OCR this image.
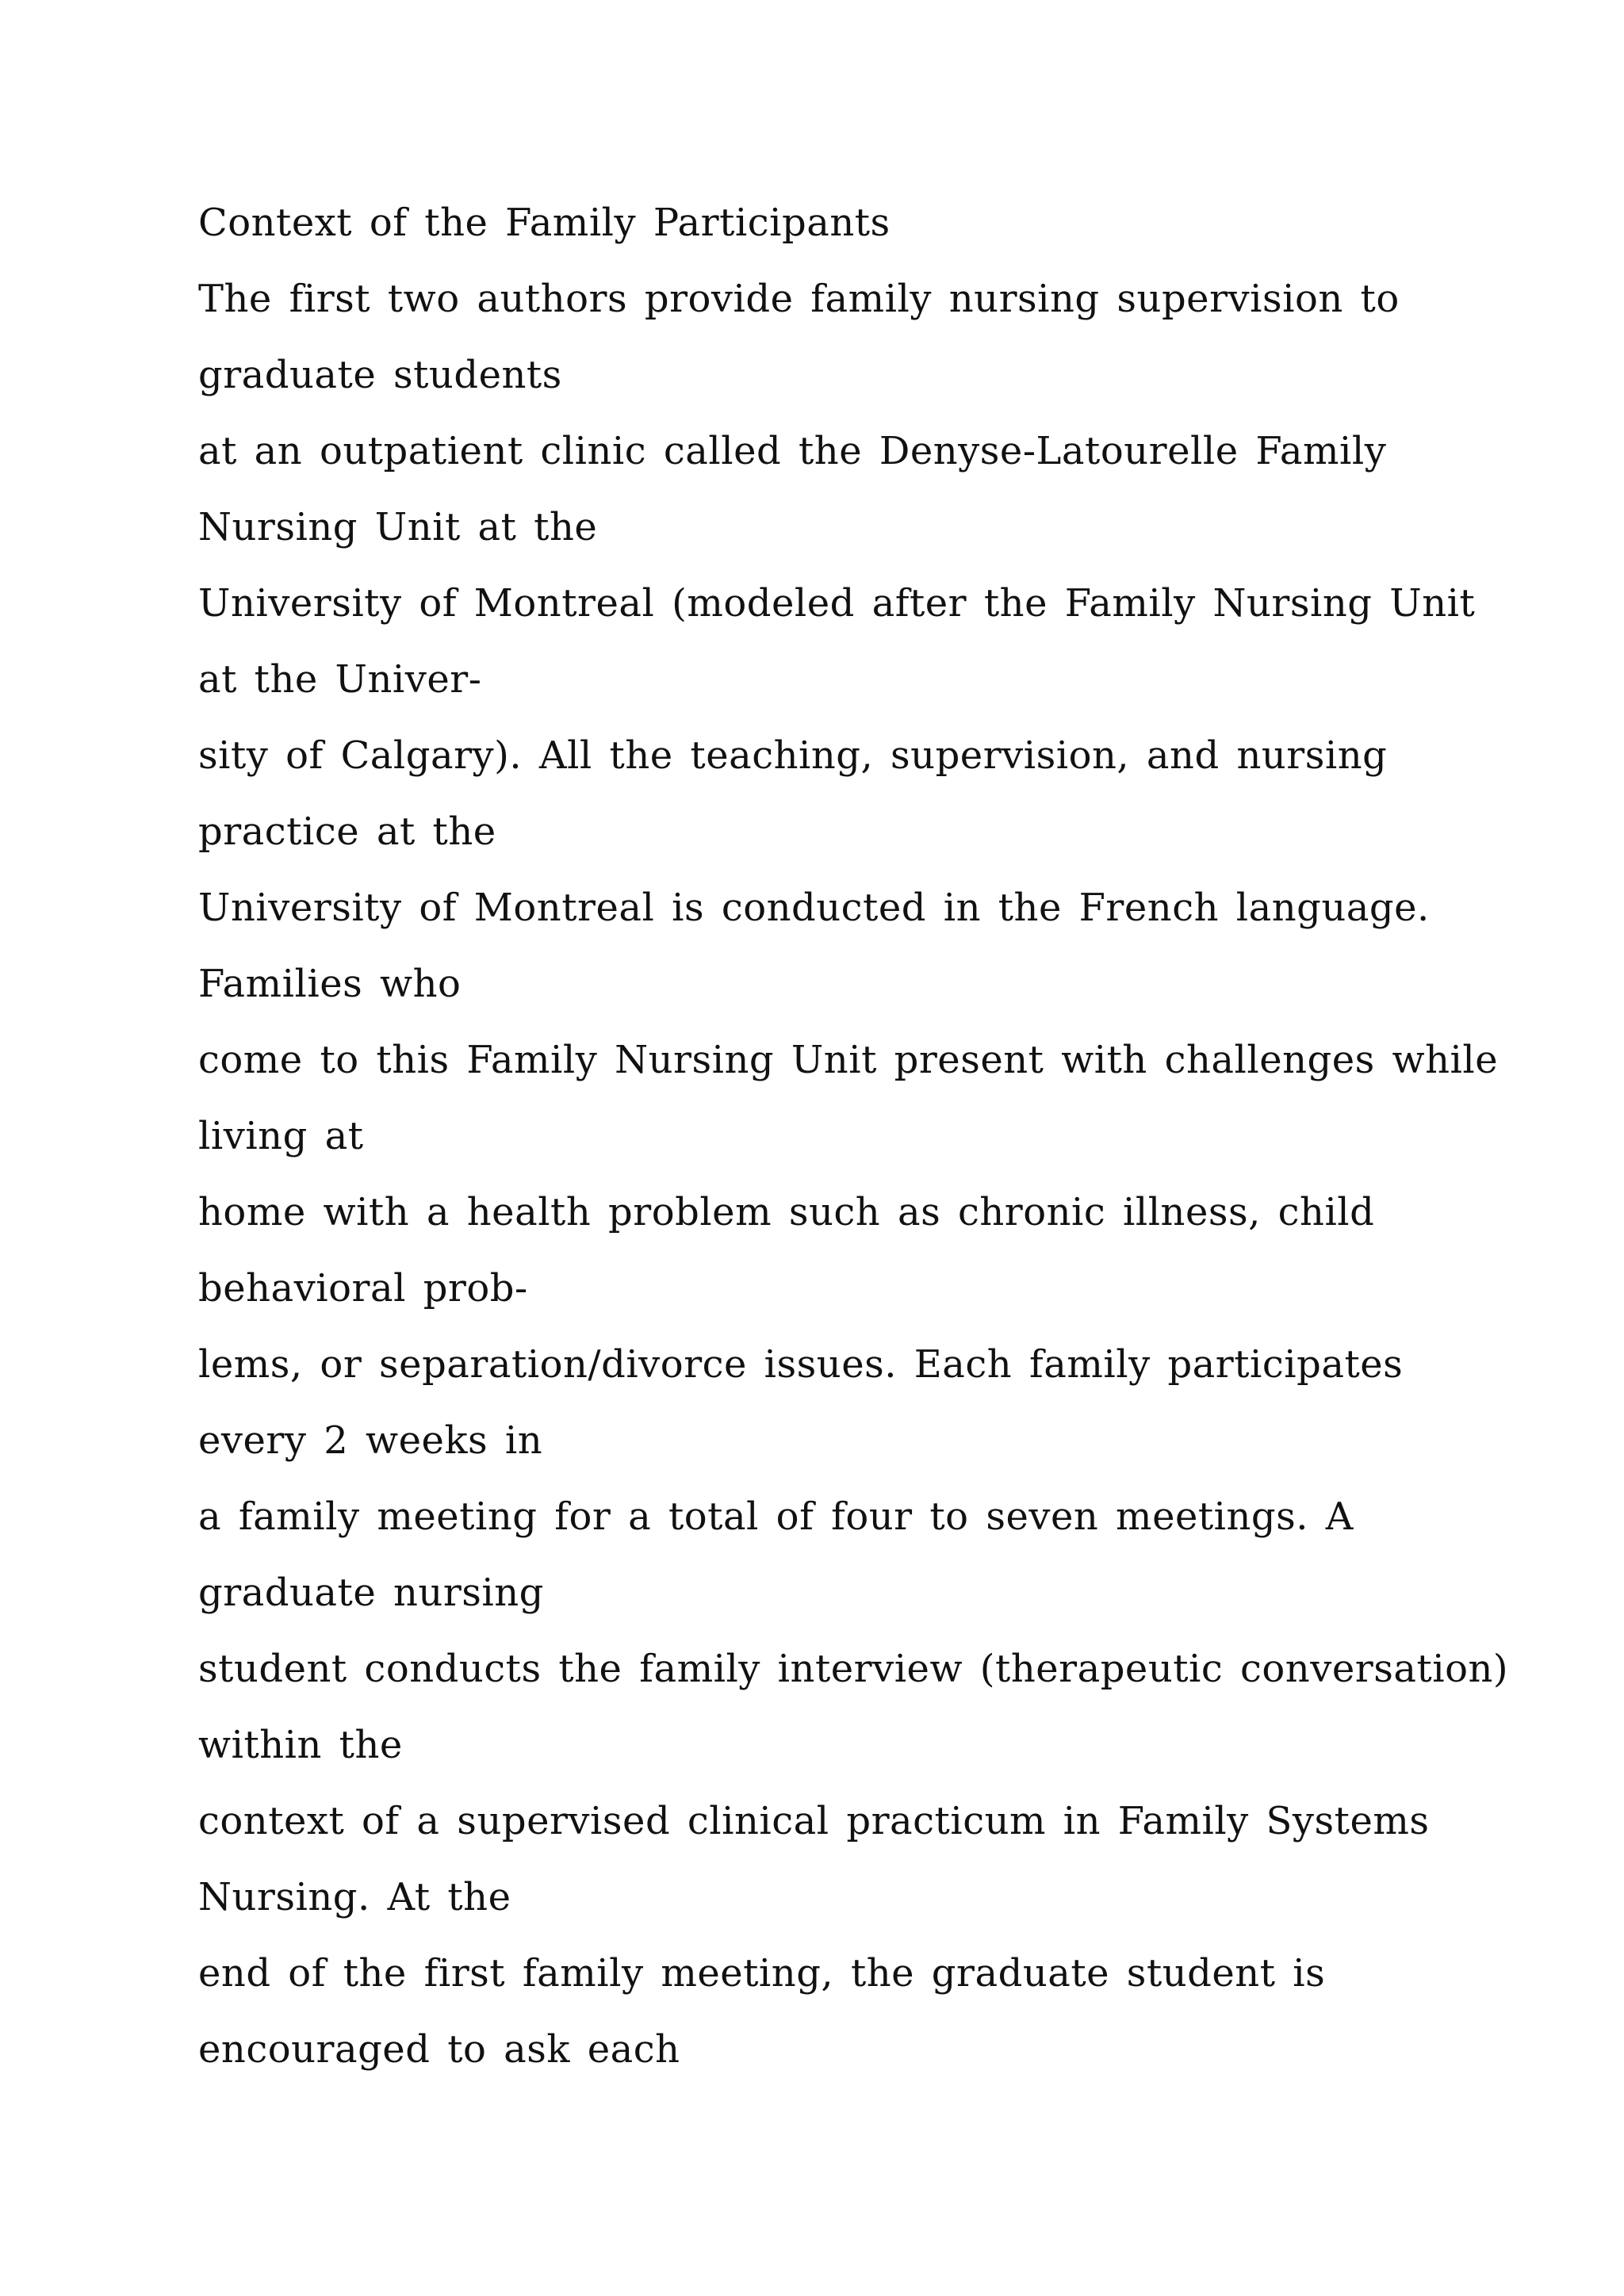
Context of the Family Participants
The first two authors provide family nursing supervision to
graduate students
at an outpatient clinic called the Denyse-Latourelle Family
Nursing Unit at the
University of Montreal (modeled after the Family Nursing Unit
at the Univer-
sity of Calgary). All the teaching, supervision, and nursing
practice at the
University of Montreal is conducted in the French language.
Families who
come to this Family Nursing Unit present with challenges while
living at
home with a health problem such as chronic illness, child
behavioral prob-
lems, or separation/divorce issues. Each family participates
every 2 weeks in
a family meeting for a total of four to seven meetings. A
graduate nursing
student conducts the family interview (therapeutic conversation)
within the
context of a supervised clinical practicum in Family Systems
Nursing. At the
end of the first family meeting, the graduate student is
encouraged to ask each
